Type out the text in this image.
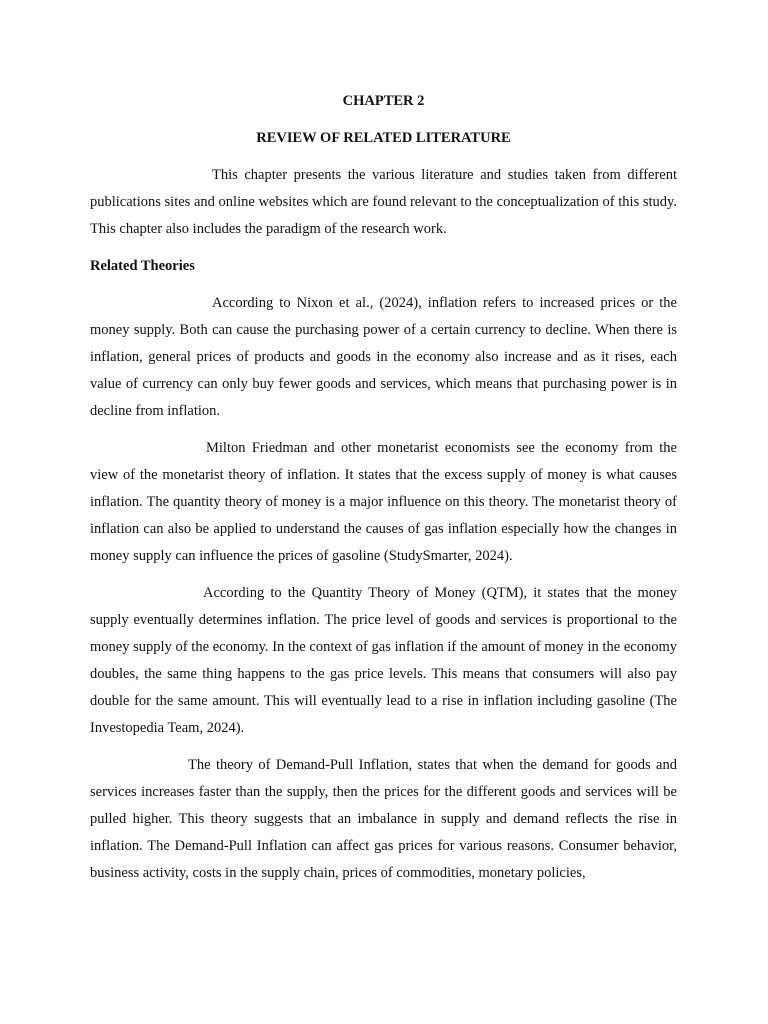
CHAPTER 2
REVIEW OF RELATED LITERATURE

This chapter presents the various literature and studies taken from different publications sites and online websites which are found relevant to the conceptualization of this study. This chapter also includes the paradigm of the research work.

Related Theories

According to Nixon et al., (2024), inflation refers to increased prices or the money supply. Both can cause the purchasing power of a certain currency to decline. When there is inflation, general prices of products and goods in the economy also increase and as it rises, each value of currency can only buy fewer goods and services, which means that purchasing power is in decline from inflation.

Milton Friedman and other monetarist economists see the economy from the view of the monetarist theory of inflation. It states that the excess supply of money is what causes inflation. The quantity theory of money is a major influence on this theory. The monetarist theory of inflation can also be applied to understand the causes of gas inflation especially how the changes in money supply can influence the prices of gasoline (StudySmarter, 2024).

According to the Quantity Theory of Money (QTM), it states that the money supply eventually determines inflation. The price level of goods and services is proportional to the money supply of the economy. In the context of gas inflation if the amount of money in the economy doubles, the same thing happens to the gas price levels. This means that consumers will also pay double for the same amount. This will eventually lead to a rise in inflation including gasoline (The Investopedia Team, 2024).

The theory of Demand-Pull Inflation, states that when the demand for goods and services increases faster than the supply, then the prices for the different goods and services will be pulled higher. This theory suggests that an imbalance in supply and demand reflects the rise in inflation. The Demand-Pull Inflation can affect gas prices for various reasons. Consumer behavior, business activity, costs in the supply chain, prices of commodities, monetary policies,
